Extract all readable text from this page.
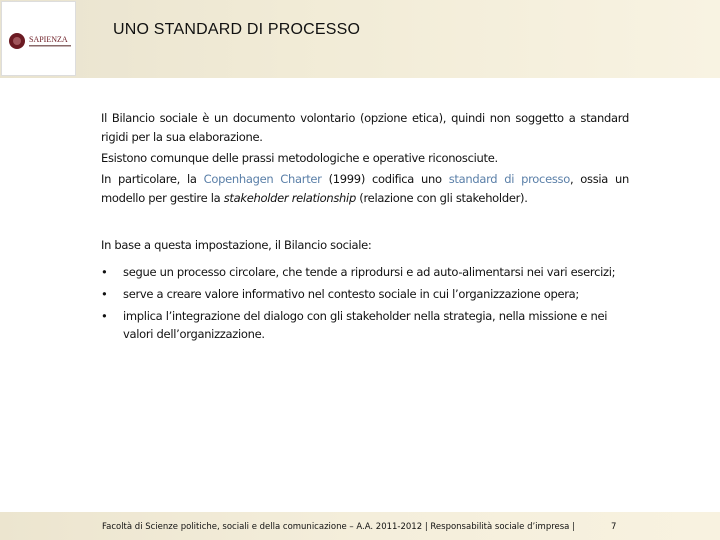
SAPIENZA
UNO STANDARD DI PROCESSO

Il Bilancio sociale è un documento volontario (opzione etica), quindi non soggetto a standard rigidi per la sua elaborazione.

Esistono comunque delle prassi metodologiche e operative riconosciute.

In particolare, la Copenhagen Charter (1999) codifica uno standard di processo, ossia un modello per gestire la stakeholder relationship (relazione con gli stakeholder).

In base a questa impostazione, il Bilancio sociale:

• segue un processo circolare, che tende a riprodursi e ad auto-alimentarsi nei vari esercizi;
• serve a creare valore informativo nel contesto sociale in cui l’organizzazione opera;
• implica l’integrazione del dialogo con gli stakeholder nella strategia, nella missione e nei valori dell’organizzazione.
Facoltà di Scienze politiche, sociali e della comunicazione – A.A. 2011-2012 | Responsabilità sociale d’impresa |	7
